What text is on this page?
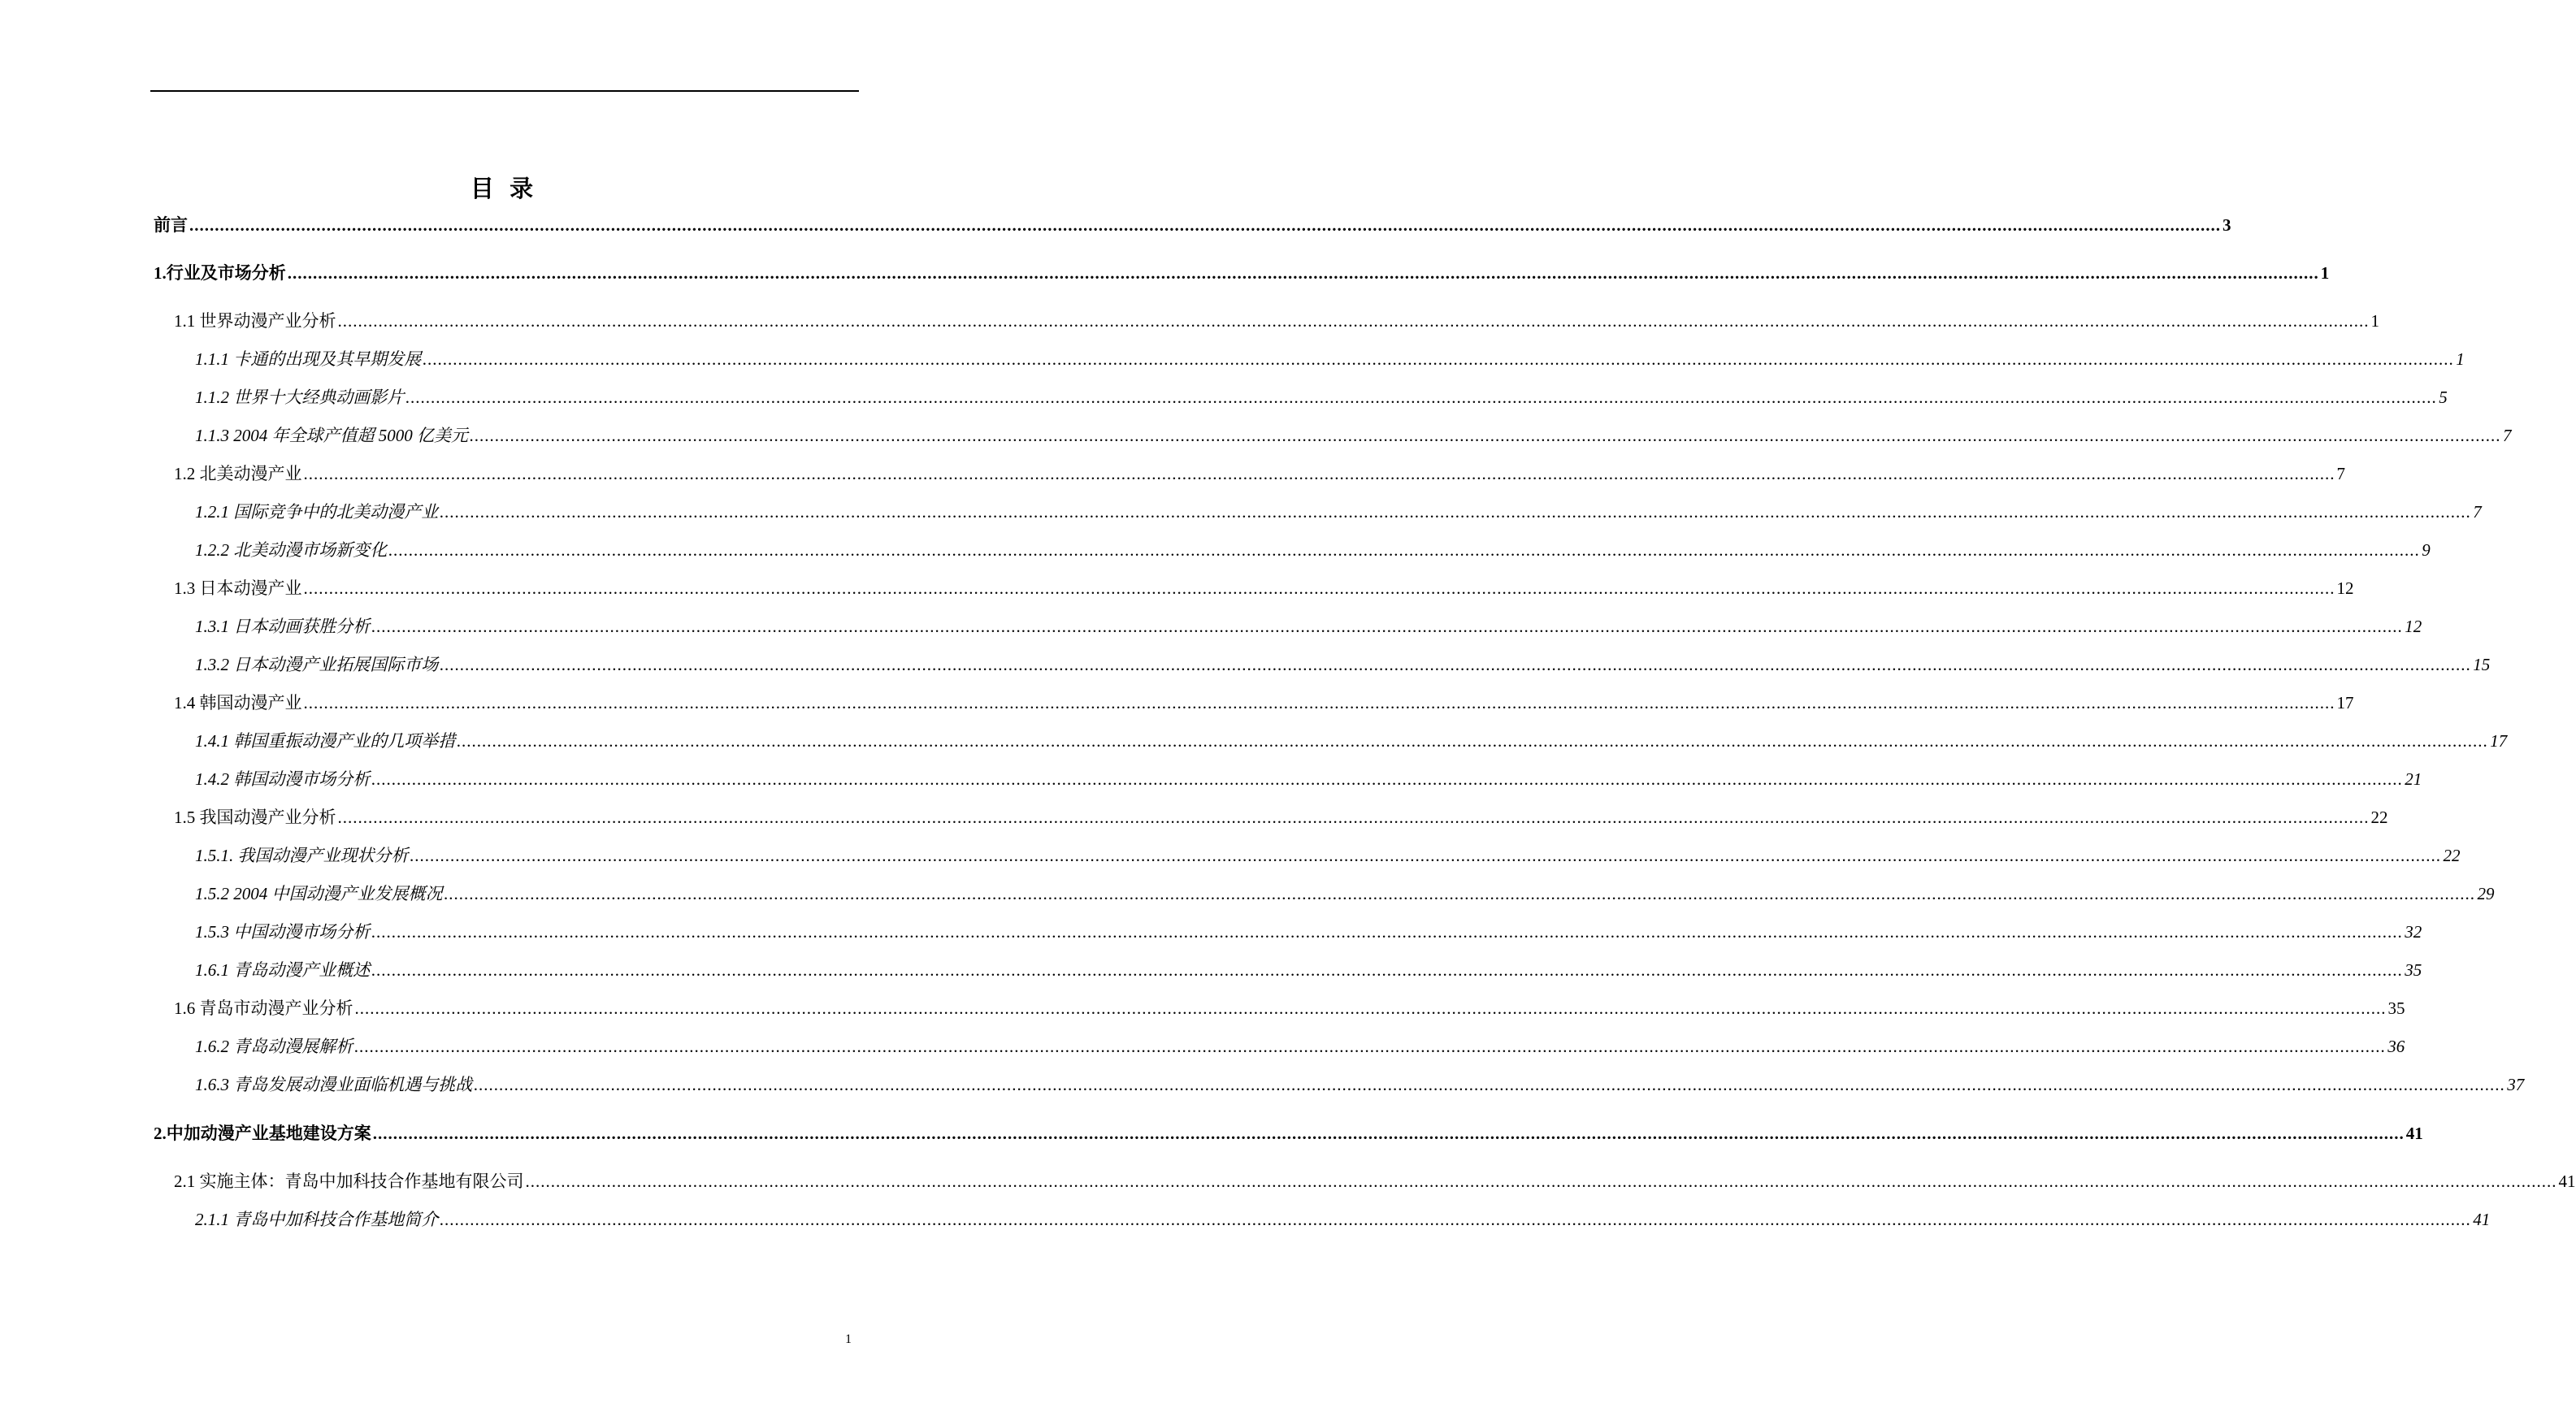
目 录
前言 ................................................................................................................................................................................................................................................................................................................................................................................................................ 3
1.行业及市场分析 ................................................................................................................................................................................................................................................................................................................................................................................................................ 1
1.1 世界动漫产业分析 ................................................................................................................................................................................................................................................................................................................................................................................................................ 1
1.1.1 卡通的出现及其早期发展 ................................................................................................................................................................................................................................................................................................................................................................................................................ 1
1.1.2 世界十大经典动画影片 ................................................................................................................................................................................................................................................................................................................................................................................................................ 5
1.1.3 2004 年全球产值超 5000 亿美元 ................................................................................................................................................................................................................................................................................................................................................................................................................ 7
1.2 北美动漫产业 ................................................................................................................................................................................................................................................................................................................................................................................................................ 7
1.2.1 国际竞争中的北美动漫产业 ................................................................................................................................................................................................................................................................................................................................................................................................................ 7
1.2.2 北美动漫市场新变化 ................................................................................................................................................................................................................................................................................................................................................................................................................ 9
1.3 日本动漫产业 ................................................................................................................................................................................................................................................................................................................................................................................................................ 12
1.3.1 日本动画获胜分析 ................................................................................................................................................................................................................................................................................................................................................................................................................ 12
1.3.2 日本动漫产业拓展国际市场 ................................................................................................................................................................................................................................................................................................................................................................................................................ 15
1.4 韩国动漫产业 ................................................................................................................................................................................................................................................................................................................................................................................................................ 17
1.4.1 韩国重振动漫产业的几项举措 ................................................................................................................................................................................................................................................................................................................................................................................................................ 17
1.4.2 韩国动漫市场分析 ................................................................................................................................................................................................................................................................................................................................................................................................................ 21
1.5 我国动漫产业分析 ................................................................................................................................................................................................................................................................................................................................................................................................................ 22
1.5.1. 我国动漫产业现状分析 ................................................................................................................................................................................................................................................................................................................................................................................................................ 22
1.5.2 2004 中国动漫产业发展概况 ................................................................................................................................................................................................................................................................................................................................................................................................................ 29
1.5.3 中国动漫市场分析 ................................................................................................................................................................................................................................................................................................................................................................................................................ 32
1.6.1 青岛动漫产业概述 ................................................................................................................................................................................................................................................................................................................................................................................................................ 35
1.6 青岛市动漫产业分析 ................................................................................................................................................................................................................................................................................................................................................................................................................ 35
1.6.2 青岛动漫展解析 ................................................................................................................................................................................................................................................................................................................................................................................................................ 36
1.6.3 青岛发展动漫业面临机遇与挑战 ................................................................................................................................................................................................................................................................................................................................................................................................................ 37
2.中加动漫产业基地建设方案 ................................................................................................................................................................................................................................................................................................................................................................................................................ 41
2.1 实施主体：青岛中加科技合作基地有限公司 ................................................................................................................................................................................................................................................................................................................................................................................................................ 41
2.1.1 青岛中加科技合作基地简介 ................................................................................................................................................................................................................................................................................................................................................................................................................ 41
1
